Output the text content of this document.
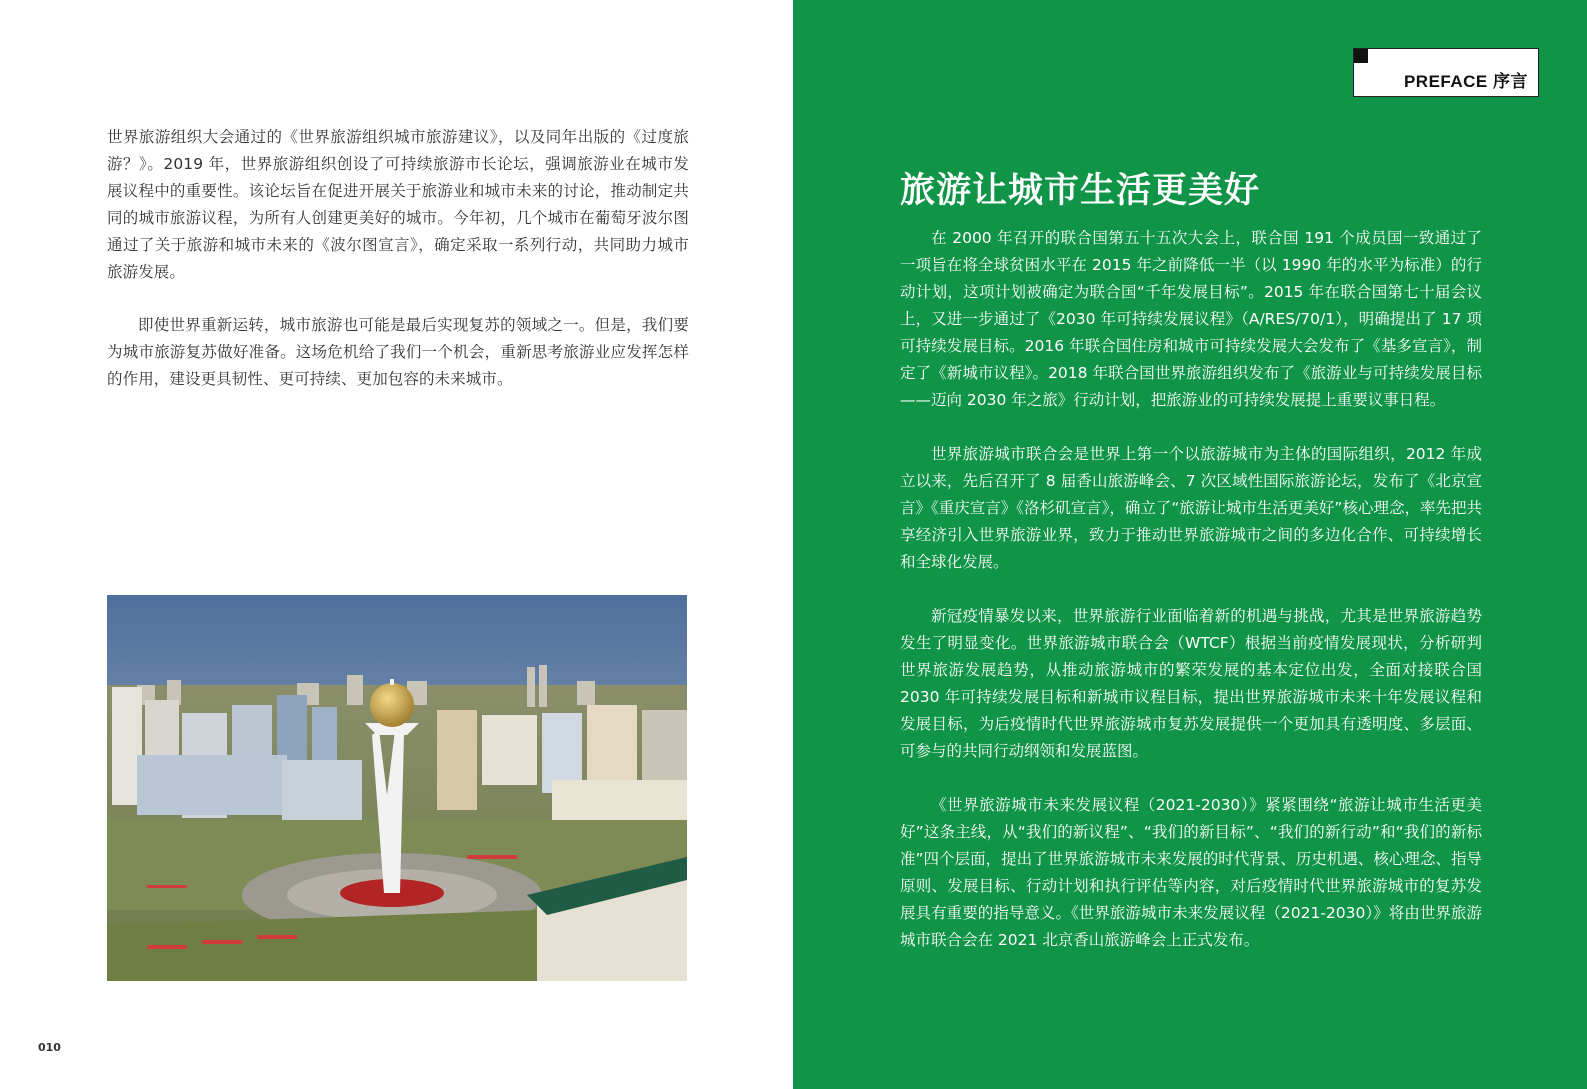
世界旅游组织大会通过的《世界旅游组织城市旅游建议》，以及同年出版的《过度旅游？》。2019 年，世界旅游组织创设了可持续旅游市长论坛，强调旅游业在城市发展议程中的重要性。该论坛旨在促进开展关于旅游业和城市未来的讨论，推动制定共同的城市旅游议程，为所有人创建更美好的城市。今年初，几个城市在葡萄牙波尔图通过了关于旅游和城市未来的《波尔图宣言》，确定采取一系列行动，共同助力城市旅游发展。

即使世界重新运转，城市旅游也可能是最后实现复苏的领域之一。但是，我们要为城市旅游复苏做好准备。这场危机给了我们一个机会，重新思考旅游业应发挥怎样的作用，建设更具韧性、更可持续、更加包容的未来城市。

010
PREFACE 序言
旅游让城市生活更美好

在 2000 年召开的联合国第五十五次大会上，联合国 191 个成员国一致通过了一项旨在将全球贫困水平在 2015 年之前降低一半（以 1990 年的水平为标准）的行动计划，这项计划被确定为联合国“千年发展目标”。2015 年在联合国第七十届会议上，又进一步通过了《2030 年可持续发展议程》（A/RES/70/1），明确提出了 17 项可持续发展目标。2016 年联合国住房和城市可持续发展大会发布了《基多宣言》，制定了《新城市议程》。2018 年联合国世界旅游组织发布了《旅游业与可持续发展目标——迈向 2030 年之旅》行动计划，把旅游业的可持续发展提上重要议事日程。

世界旅游城市联合会是世界上第一个以旅游城市为主体的国际组织，2012 年成立以来，先后召开了 8 届香山旅游峰会、7 次区域性国际旅游论坛，发布了《北京宣言》《重庆宣言》《洛杉矶宣言》，确立了“旅游让城市生活更美好”核心理念，率先把共享经济引入世界旅游业界，致力于推动世界旅游城市之间的多边化合作、可持续增长和全球化发展。

新冠疫情暴发以来，世界旅游行业面临着新的机遇与挑战，尤其是世界旅游趋势发生了明显变化。世界旅游城市联合会（WTCF）根据当前疫情发展现状，分析研判世界旅游发展趋势，从推动旅游城市的繁荣发展的基本定位出发，全面对接联合国 2030 年可持续发展目标和新城市议程目标，提出世界旅游城市未来十年发展议程和发展目标，为后疫情时代世界旅游城市复苏发展提供一个更加具有透明度、多层面、可参与的共同行动纲领和发展蓝图。

《世界旅游城市未来发展议程（2021-2030）》紧紧围绕“旅游让城市生活更美好”这条主线，从“我们的新议程”、“我们的新目标”、“我们的新行动”和“我们的新标准”四个层面，提出了世界旅游城市未来发展的时代背景、历史机遇、核心理念、指导原则、发展目标、行动计划和执行评估等内容，对后疫情时代世界旅游城市的复苏发展具有重要的指导意义。《世界旅游城市未来发展议程（2021-2030）》将由世界旅游城市联合会在 2021 北京香山旅游峰会上正式发布。
